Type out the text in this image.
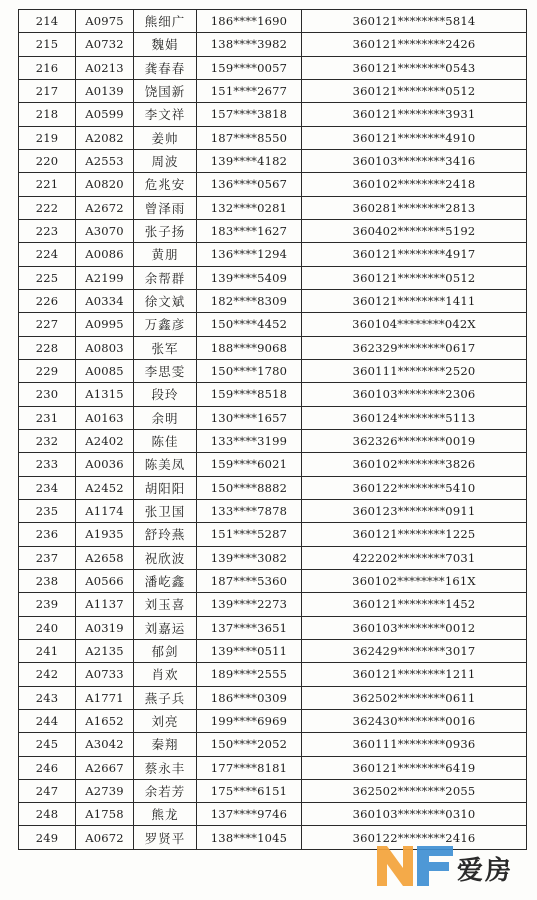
214	A0975	熊细广	186****1690	360121********5814
215	A0732	魏娟	138****3982	360121********2426
216	A0213	龚春春	159****0057	360121********0543
217	A0139	饶国新	151****2677	360121********0512
218	A0599	李文祥	157****3818	360121********3931
219	A2082	姜帅	187****8550	360121********4910
220	A2553	周波	139****4182	360103********3416
221	A0820	危兆安	136****0567	360102********2418
222	A2672	曾泽雨	132****0281	360281********2813
223	A3070	张子扬	183****1627	360402********5192
224	A0086	黄朋	136****1294	360121********4917
225	A2199	余帮群	139****5409	360121********0512
226	A0334	徐文斌	182****8309	360121********1411
227	A0995	万鑫彦	150****4452	360104********042X
228	A0803	张军	188****9068	362329********0617
229	A0085	李思雯	150****1780	360111********2520
230	A1315	段玲	159****8518	360103********2306
231	A0163	余明	130****1657	360124********5113
232	A2402	陈佳	133****3199	362326********0019
233	A0036	陈美凤	159****6021	360102********3826
234	A2452	胡阳阳	150****8882	360122********5410
235	A1174	张卫国	133****7878	360123********0911
236	A1935	舒玲燕	151****5287	360121********1225
237	A2658	祝欣波	139****3082	422202********7031
238	A0566	潘屹鑫	187****5360	360102********161X
239	A1137	刘玉喜	139****2273	360121********1452
240	A0319	刘嘉运	137****3651	360103********0012
241	A2135	郁剑	139****0511	362429********3017
242	A0733	肖欢	189****2555	360121********1211
243	A1771	燕子兵	186****0309	362502********0611
244	A1652	刘亮	199****6969	362430********0016
245	A3042	秦翔	150****2052	360111********0936
246	A2667	蔡永丰	177****8181	360121********6419
247	A2739	余若芳	175****6151	362502********2055
248	A1758	熊龙	137****9746	360103********0310
249	A0672	罗贤平	138****1045	360122********2416
爱房
